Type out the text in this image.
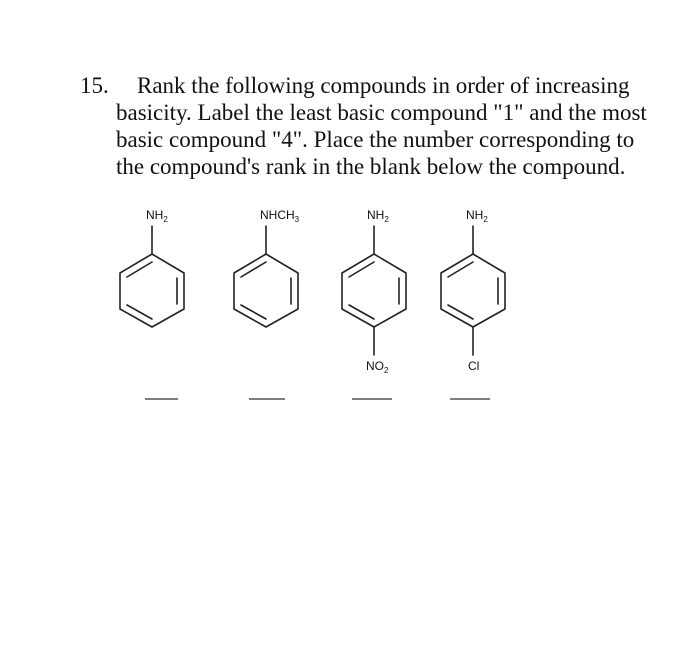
15.	Rank the following compounds in order of increasing
basicity. Label the least basic compound "1" and the most
basic compound "4". Place the number corresponding to
the compound's rank in the blank below the compound.
$NH_2$	$NHCH_3$	$NH_2$
$NO_2$
$NH_2$
Cl
